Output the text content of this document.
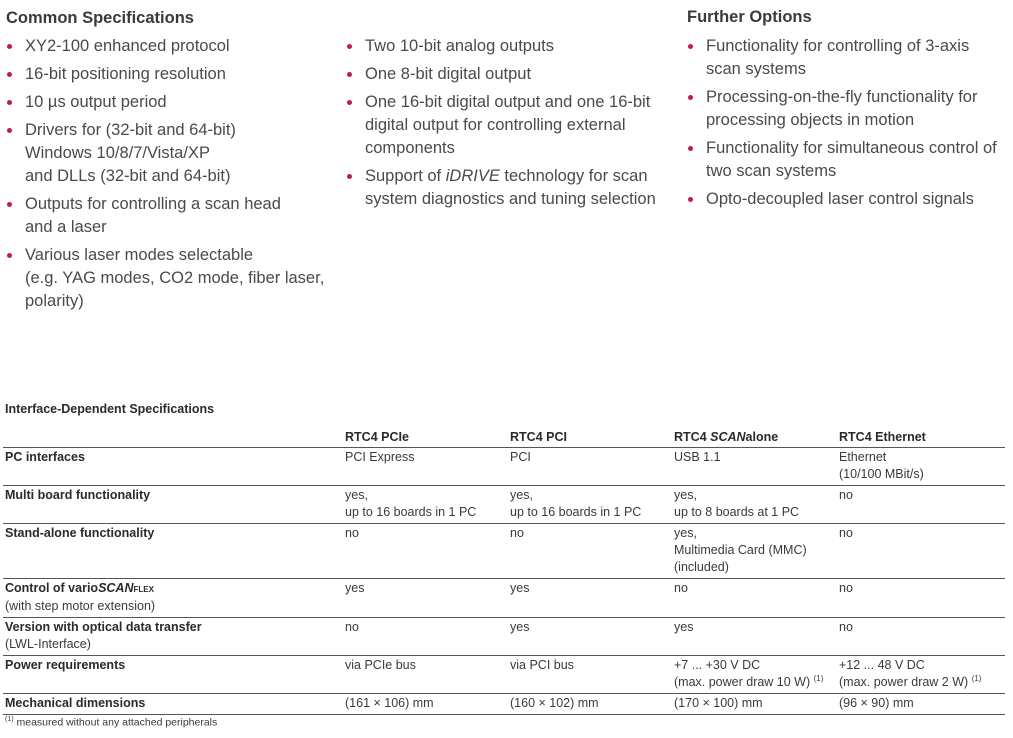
Common Specifications
XY2-100 enhanced protocol
16-bit positioning resolution
10 µs output period
Drivers for (32-bit and 64-bit)
Windows 10/8/7/Vista/XP
and DLLs (32-bit and 64-bit)
Outputs for controlling a scan head
and a laser
Various laser modes selectable
(e.g. YAG modes, CO2 mode, fiber laser,
polarity)
Two 10-bit analog outputs
One 8-bit digital output
One 16-bit digital output and one 16-bit
digital output for controlling external
components
Support of iDRIVE technology for scan
system diagnostics and tuning selection
Further Options
Functionality for controlling of 3-axis
scan systems
Processing-on-the-fly functionality for
processing objects in motion
Functionality for simultaneous control of
two scan systems
Opto-decoupled laser control signals
Interface-Dependent Specifications
	RTC4 PCIe	RTC4 PCI	RTC4 SCANalone	RTC4 Ethernet
PC interfaces	PCI Express	PCI	USB 1.1	Ethernet
(10/100 MBit/s)

Multi board functionality	yes,
up to 16 boards in 1 PC	yes,
up to 16 boards in 1 PC	yes,
up to 8 boards at 1 PC	no
Stand-alone functionality	no	no	yes,
Multimedia Card (MMC)
(included)	no
Control of varioSCANFLEX
(with step motor extension)	yes	yes	no	no
Version with optical data transfer
(LWL-Interface)	no	yes	yes	no
Power requirements	via PCIe bus	via PCI bus	+7 ... +30 V DC
(max. power draw 10 W) $^{(1)}$	+12 ... 48 V DC
(max. power draw 2 W) $^{(1)}$

Mechanical dimensions	(161 × 106) mm	(160 × 102) mm	(170 × 100) mm	(96 × 90) mm
$^{(1)}$ measured without any attached peripherals
